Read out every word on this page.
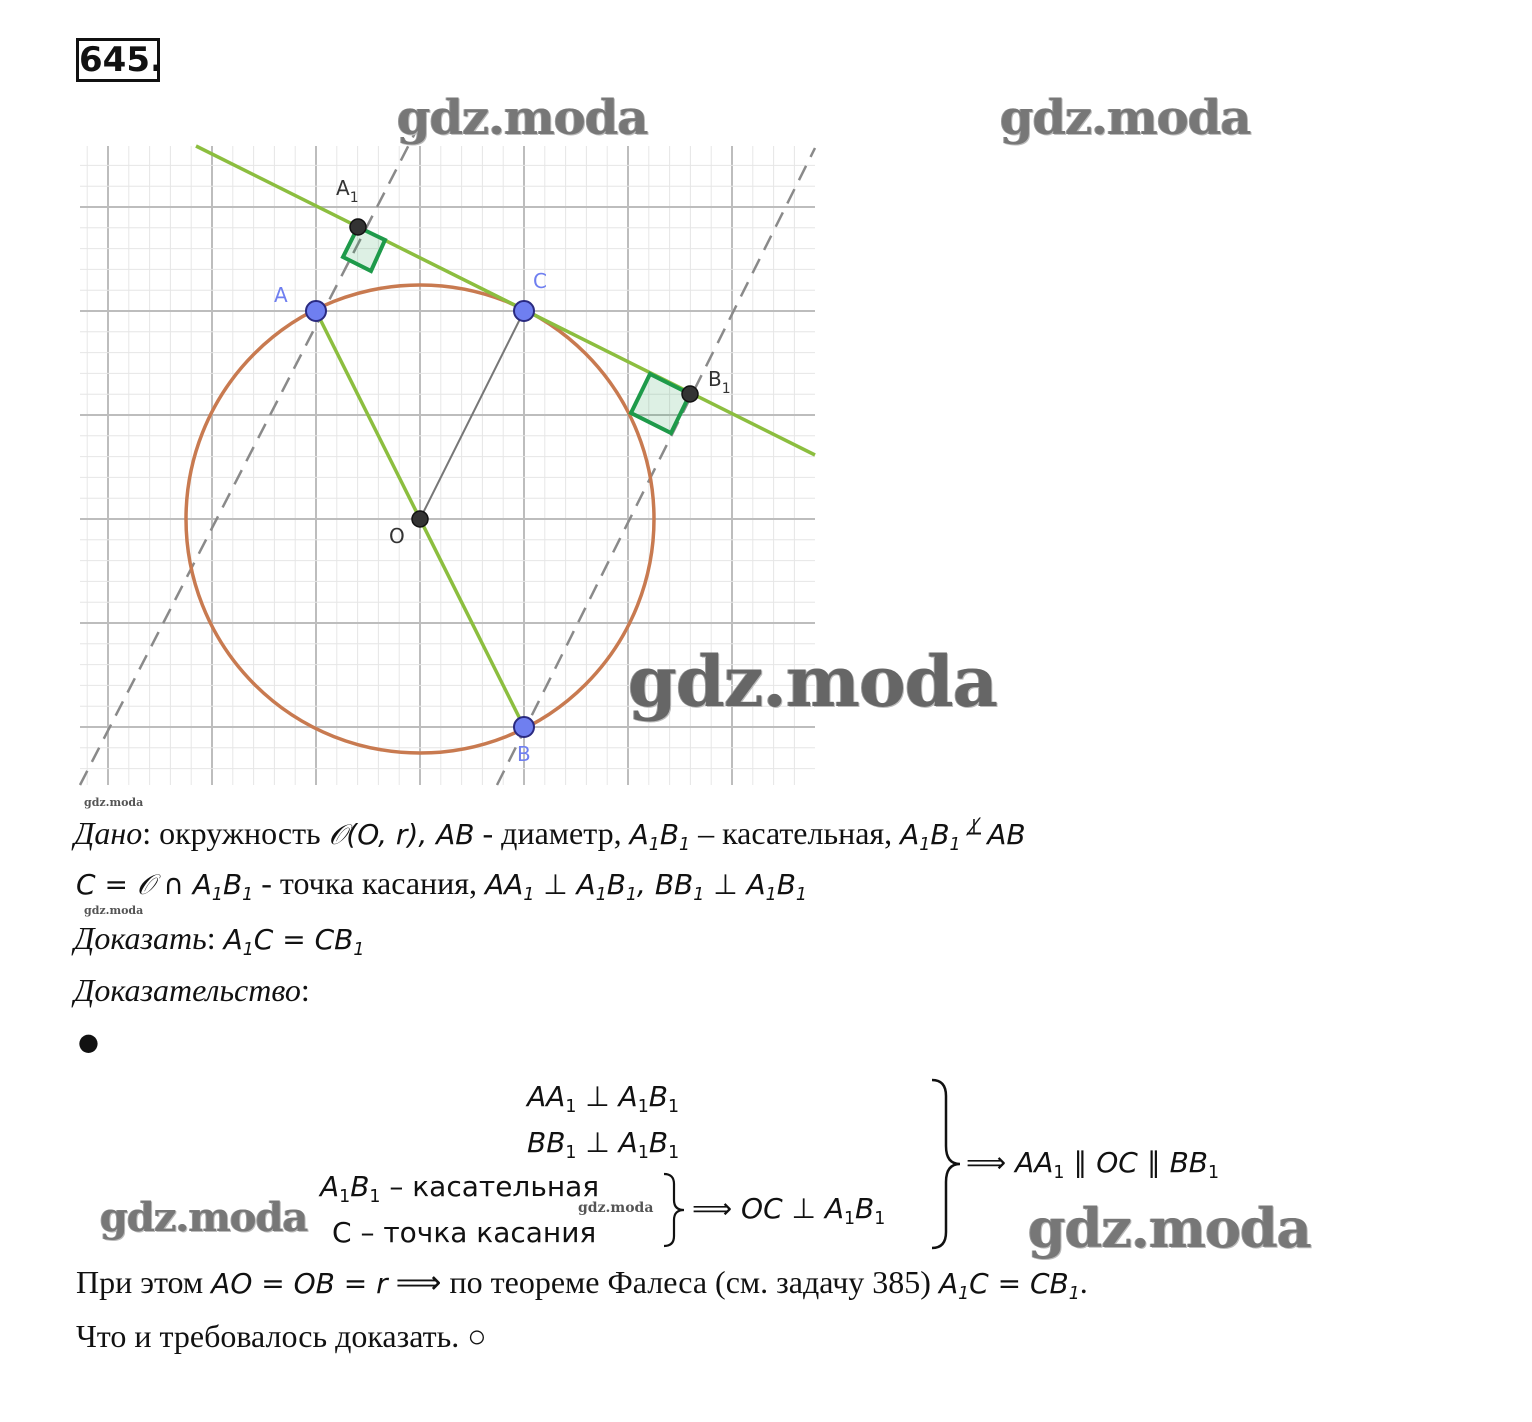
645.
$A_1$
A
C
$B_1$
O
B
gdz.moda	gdz.moda
gdz.moda
gdz.moda
gdz.moda
Дано: окружность 𝒪(O, r), AB - диаметр, $A_1B_1$ – касательная, $A_1B_1^{⟂̸}$ AB
C = 𝒪 ∩ $A_1B_1$ - точка касания, $AA_1$ ⊥ $A_1B_1$, $BB_1$ ⊥ $A_1B_1$
Доказать: $A_1C = CB_1$
Доказательство:
●
$AA_1$ ⊥ $A_1B_1$
$BB_1$ ⊥ $A_1B_1$
$A_1B_1$ – касательная
С – точка касания
gdz.moda	gdz.moda ⟹ OC ⊥ $A_1B_1$
⟹ $AA_1$ ∥ OC ∥ $BB_1$
gdz.moda
При этом AO = OB = r ⟹ по теореме Фалеса (см. задачу 385) $A_1C = CB_1$.
Что и требовалось доказать. ○
